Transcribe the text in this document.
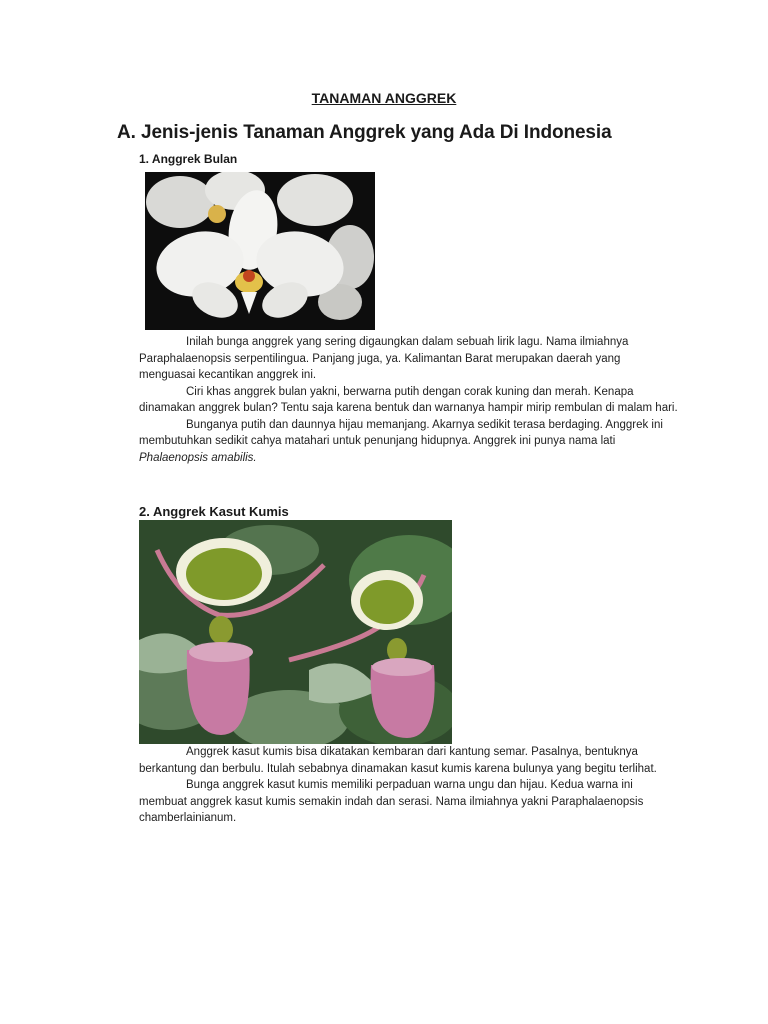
TANAMAN ANGGREK
A. Jenis-jenis Tanaman Anggrek yang Ada Di Indonesia
1. Anggrek Bulan

Inilah bunga anggrek yang sering digaungkan dalam sebuah lirik lagu. Nama ilmiahnya Paraphalaenopsis serpentilingua. Panjang juga, ya. Kalimantan Barat merupakan daerah yang menguasai kecantikan anggrek ini.

Ciri khas anggrek bulan yakni, berwarna putih dengan corak kuning dan merah. Kenapa dinamakan anggrek bulan? Tentu saja karena bentuk dan warnanya hampir mirip rembulan di malam hari.

Bunganya putih dan daunnya hijau memanjang. Akarnya sedikit terasa berdaging. Anggrek ini membutuhkan sedikit cahya matahari untuk penunjang hidupnya. Anggrek ini punya nama lati Phalaenopsis amabilis.

2. Anggrek Kasut Kumis

Anggrek kasut kumis bisa dikatakan kembaran dari kantung semar. Pasalnya, bentuknya   berkantung dan berbulu. Itulah sebabnya dinamakan kasut kumis karena bulunya yang begitu terlihat.

Bunga anggrek kasut kumis memiliki perpaduan warna ungu dan hijau. Kedua warna ini  membuat anggrek kasut kumis semakin indah dan serasi. Nama ilmiahnya yakni Paraphalaenopsis chamberlainianum.
